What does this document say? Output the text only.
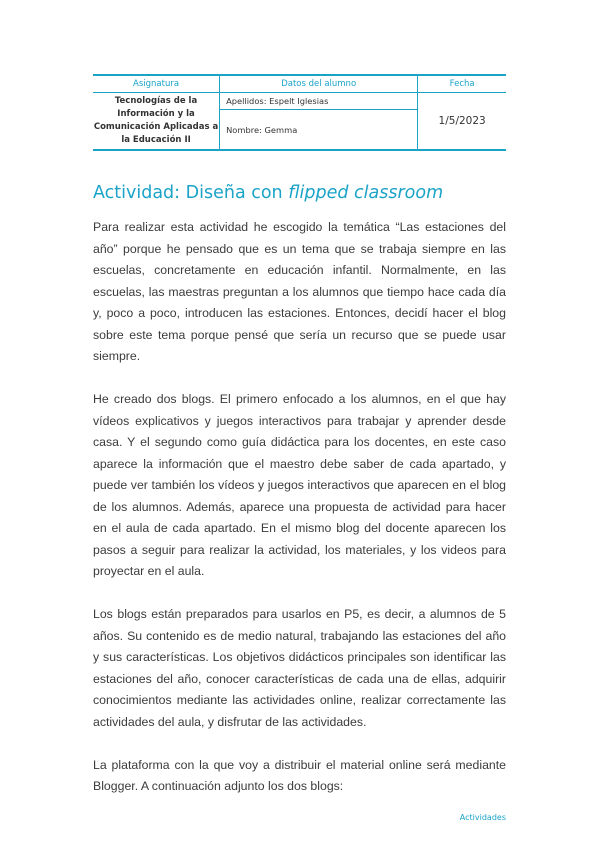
Asignatura	Datos del alumno	Fecha
Tecnologías de la Información y la Comunicación Aplicadas a la Educación II	Apellidos: Espelt Iglesias	1/5/2023
	Nombre: Gemma	
Actividad: Diseña con flipped classroom

Para realizar esta actividad he escogido la temática “Las estaciones del año” porque he pensado que es un tema que se trabaja siempre en las escuelas, concretamente en educación infantil. Normalmente, en las escuelas, las maestras preguntan a los alumnos que tiempo hace cada día y, poco a poco, introducen las estaciones. Entonces, decidí hacer el blog sobre este tema porque pensé que sería un recurso que se puede usar siempre.

He creado dos blogs. El primero enfocado a los alumnos, en el que hay vídeos explicativos y juegos interactivos para trabajar y aprender desde casa. Y el segundo como guía didáctica para los docentes, en este caso aparece la información que el maestro debe saber de cada apartado, y puede ver también los vídeos y juegos interactivos que aparecen en el blog de los alumnos. Además, aparece una propuesta de actividad para hacer en el aula de cada apartado. En el mismo blog del docente aparecen los pasos a seguir para realizar la actividad, los materiales, y los videos para proyectar en el aula.

Los blogs están preparados para usarlos en P5, es decir, a alumnos de 5 años. Su contenido es de medio natural, trabajando las estaciones del año y sus características. Los objetivos didácticos principales son identificar las estaciones del año, conocer características de cada una de ellas, adquirir conocimientos mediante las actividades online, realizar correctamente las actividades del aula, y disfrutar de las actividades.

La plataforma con la que voy a distribuir el material online será mediante Blogger. A continuación adjunto los dos blogs:

Actividades
